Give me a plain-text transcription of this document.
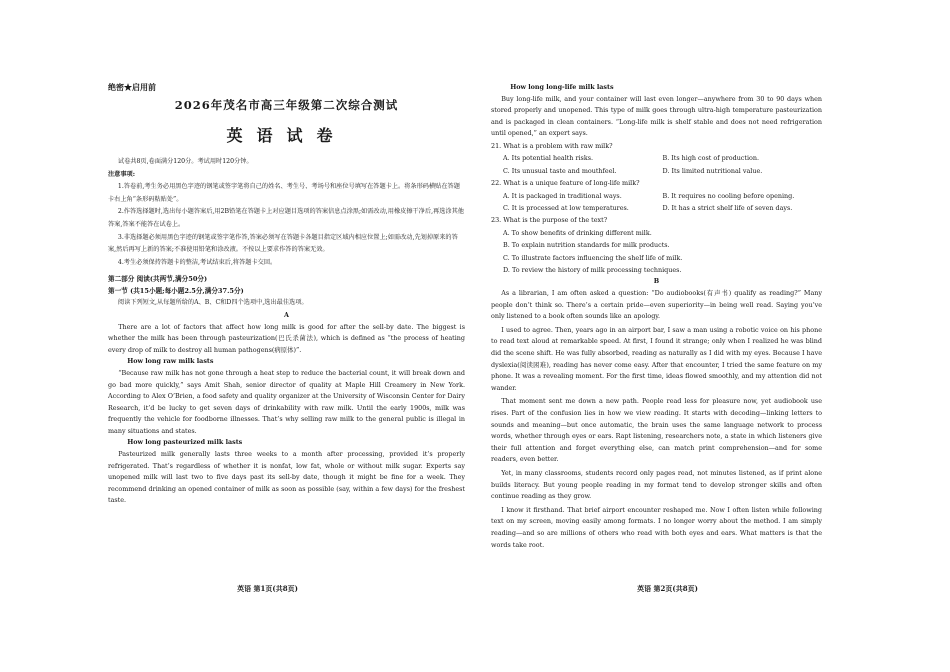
绝密★启用前

2026年茂名市高三年级第二次综合测试

英语试卷

试卷共8页,卷面满分120分。考试用时120分钟。

注意事项:

1.答卷前,考生务必用黑色字迹的钢笔或签字笔将自己的姓名、考生号、考场号和座位号填写在答题卡上。将条形码横贴在答题卡右上角“条形码粘贴处”。

2.作答选择题时,选出每小题答案后,用2B铅笔在答题卡上对应题目选项的答案信息点涂黑;如需改动,用橡皮擦干净后,再选涂其他答案,答案不能答在试卷上。

3.非选择题必须用黑色字迹的钢笔或签字笔作答,答案必须写在答题卡各题目指定区域内相应位置上;如需改动,先划掉原来的答案,然后再写上新的答案;不准使用铅笔和涂改液。不按以上要求作答的答案无效。

4.考生必须保持答题卡的整洁,考试结束后,将答题卡交回。

第二部分 阅读(共两节,满分50分)

第一节 (共15小题;每小题2.5分,满分37.5分)

阅读下列短文,从每题所给的A、B、C和D四个选项中,选出最佳选项。

A

There are a lot of factors that affect how long milk is good for after the sell-by date. The biggest is whether the milk has been through pasteurization(巴氏杀菌法), which is defined as “the process of heating every drop of milk to destroy all human pathogens(病原体)”.

How long raw milk lasts

“Because raw milk has not gone through a heat step to reduce the bacterial count, it will break down and go bad more quickly,” says Amit Shah, senior director of quality at Maple Hill Creamery in New York. According to Alex O’Brien, a food safety and quality organizer at the University of Wisconsin Center for Dairy Research, it’d be lucky to get seven days of drinkability with raw milk. Until the early 1900s, milk was frequently the vehicle for foodborne illnesses. That’s why selling raw milk to the general public is illegal in many situations and states.

How long pasteurized milk lasts

Pasteurized milk generally lasts three weeks to a month after processing, provided it’s properly refrigerated. That’s regardless of whether it is nonfat, low fat, whole or without milk sugar. Experts say unopened milk will last two to five days past its sell-by date, though it might be fine for a week. They recommend drinking an opened container of milk as soon as possible (say, within a few days) for the freshest taste.

英语 第1页(共8页)

How long long-life milk lasts

Buy long-life milk, and your container will last even longer—anywhere from 30 to 90 days when stored properly and unopened. This type of milk goes through ultra-high temperature pasteurization and is packaged in clean containers. “Long-life milk is shelf stable and does not need refrigeration until opened,” an expert says.

21. What is a problem with raw milk?

A. Its potential health risks.	B. Its high cost of production.
C. Its unusual taste and mouthfeel.	D. Its limited nutritional value.

22. What is a unique feature of long-life milk?

A. It is packaged in traditional ways.	B. It requires no cooling before opening.
C. It is processed at low temperatures.	D. It has a strict shelf life of seven days.

23. What is the purpose of the text?

A. To show benefits of drinking different milk.

B. To explain nutrition standards for milk products.

C. To illustrate factors influencing the shelf life of milk.

D. To review the history of milk processing techniques.

B

As a librarian, I am often asked a question: “Do audiobooks(有声书) qualify as reading?” Many people don’t think so. There’s a certain pride—even superiority—in being well read. Saying you’ve only listened to a book often sounds like an apology.

I used to agree. Then, years ago in an airport bar, I saw a man using a robotic voice on his phone to read text aloud at remarkable speed. At first, I found it strange; only when I realized he was blind did the scene shift. He was fully absorbed, reading as naturally as I did with my eyes. Because I have dyslexia(阅读困难), reading has never come easy. After that encounter, I tried the same feature on my phone. It was a revealing moment. For the first time, ideas flowed smoothly, and my attention did not wander.

That moment sent me down a new path. People read less for pleasure now, yet audiobook use rises. Part of the confusion lies in how we view reading. It starts with decoding—linking letters to sounds and meaning—but once automatic, the brain uses the same language network to process words, whether through eyes or ears. Rapt listening, researchers note, a state in which listeners give their full attention and forget everything else, can match print comprehension—and for some readers, even better.

Yet, in many classrooms, students record only pages read, not minutes listened, as if print alone builds literacy. But young people reading in my format tend to develop stronger skills and often continue reading as they grow.

I know it firsthand. That brief airport encounter reshaped me. Now I often listen while following text on my screen, moving easily among formats. I no longer worry about the method. I am simply reading—and so are millions of others who read with both eyes and ears. What matters is that the words take root.

英语 第2页(共8页)
